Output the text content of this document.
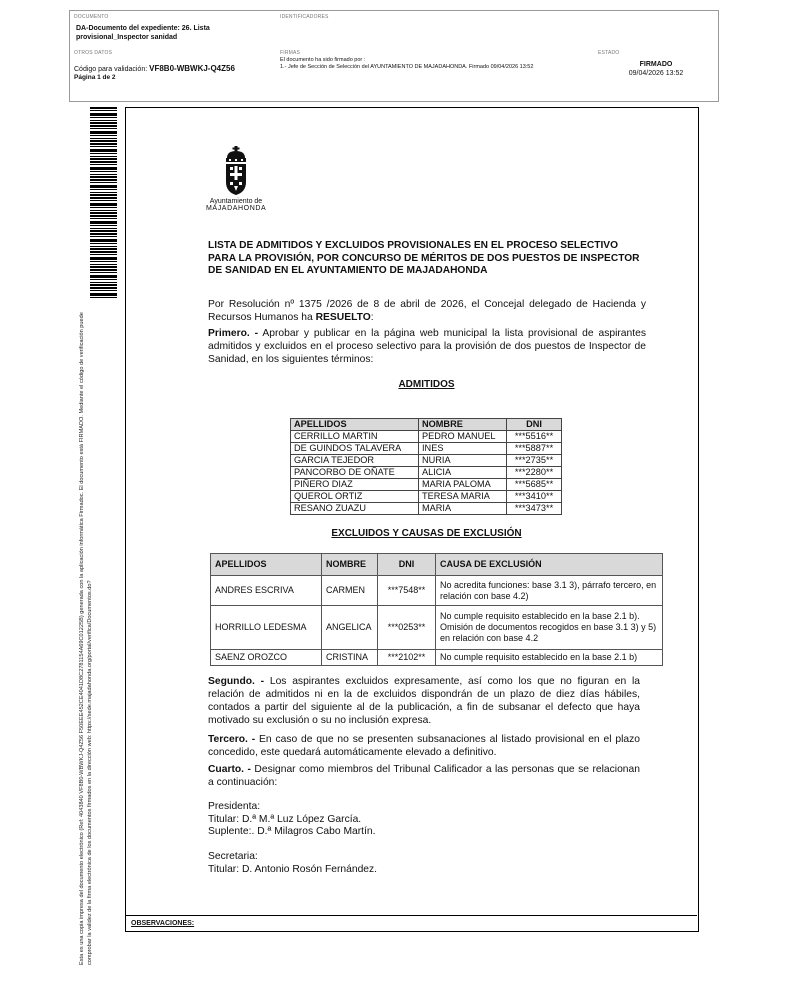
DOCUMENTO
DA-Documento del expediente: 26. Lista provisional_Inspector sanidad
IDENTIFICADORES
OTROS DATOS
Código para validación: VF8B0-WBWKJ-Q4Z56
Página 1 de 2
FIRMAS
El documento ha sido firmado por :
1.- Jefe de Sección de Selección del AYUNTAMIENTO DE MAJADAHONDA. Firmado 09/04/2026 13:52
ESTADO
FIRMADO
09/04/2026 13:52
Esta es una copia impresa del documento electrónico (Ref: 4043840 VF8B0-WBWKJ-Q4Z56 F50EEE452CE4041D8C2781154A69C01225B) generada con la aplicación informática Firmadoc. El documento está FIRMADO. Mediante el código de verificación puede comprobar la validez de la firma electrónica de los documentos firmados en la dirección web: https://sede.majadahonda.org/portal/verifica/Documentos.do?
Ayuntamiento de
MAJADAHONDA
LISTA DE ADMITIDOS Y EXCLUIDOS PROVISIONALES EN EL PROCESO SELECTIVO PARA LA PROVISIÓN, POR CONCURSO DE MÉRITOS DE DOS PUESTOS DE INSPECTOR DE SANIDAD EN EL AYUNTAMIENTO DE MAJADAHONDA
Por Resolución nº 1375 /2026 de 8 de abril de 2026, el Concejal delegado de Hacienda y Recursos Humanos ha RESUELTO:
Primero. - Aprobar y publicar en la página web municipal la lista provisional de aspirantes admitidos y excluidos en el proceso selectivo para la provisión de dos puestos de Inspector de Sanidad, en los siguientes términos:
ADMITIDOS
APELLIDOS	NOMBRE	DNI
CERRILLO MARTIN	PEDRO MANUEL	***5516**
DE GUINDOS TALAVERA	INES	***5887**
GARCIA TEJEDOR	NURIA	***2735**
PANCORBO DE OÑATE	ALICIA	***2280**
PIÑERO DIAZ	MARIA PALOMA	***5685**
QUEROL ORTIZ	TERESA MARIA	***3410**
RESANO ZUAZU	MARIA	***3473**
EXCLUIDOS Y CAUSAS DE EXCLUSIÓN
APELLIDOS	NOMBRE	DNI	CAUSA DE EXCLUSIÓN
ANDRES ESCRIVA	CARMEN	***7548**	No acredita funciones: base 3.1 3), párrafo tercero, en relación con base 4.2)
HORRILLO LEDESMA	ANGELICA	***0253**	No cumple requisito establecido en la base 2.1 b). Omisión de documentos recogidos en base 3.1 3) y 5) en relación con base 4.2
SAENZ OROZCO	CRISTINA	***2102**	No cumple requisito establecido en la base 2.1 b)
Segundo. - Los aspirantes excluidos expresamente, así como los que no figuran en la relación de admitidos ni en la de excluidos dispondrán de un plazo de diez días hábiles, contados a partir del siguiente al de la publicación, a fin de subsanar el defecto que haya motivado su exclusión o su no inclusión expresa.
Tercero. - En caso de que no se presenten subsanaciones al listado provisional en el plazo concedido, este quedará automáticamente elevado a definitivo.
Cuarto. - Designar como miembros del Tribunal Calificador a las personas que se relacionan a continuación:
Presidenta:
Titular: D.ª M.ª Luz López García.
Suplente:. D.ª Milagros Cabo Martín.
Secretaria:
Titular: D. Antonio Rosón Fernández.
OBSERVACIONES:
